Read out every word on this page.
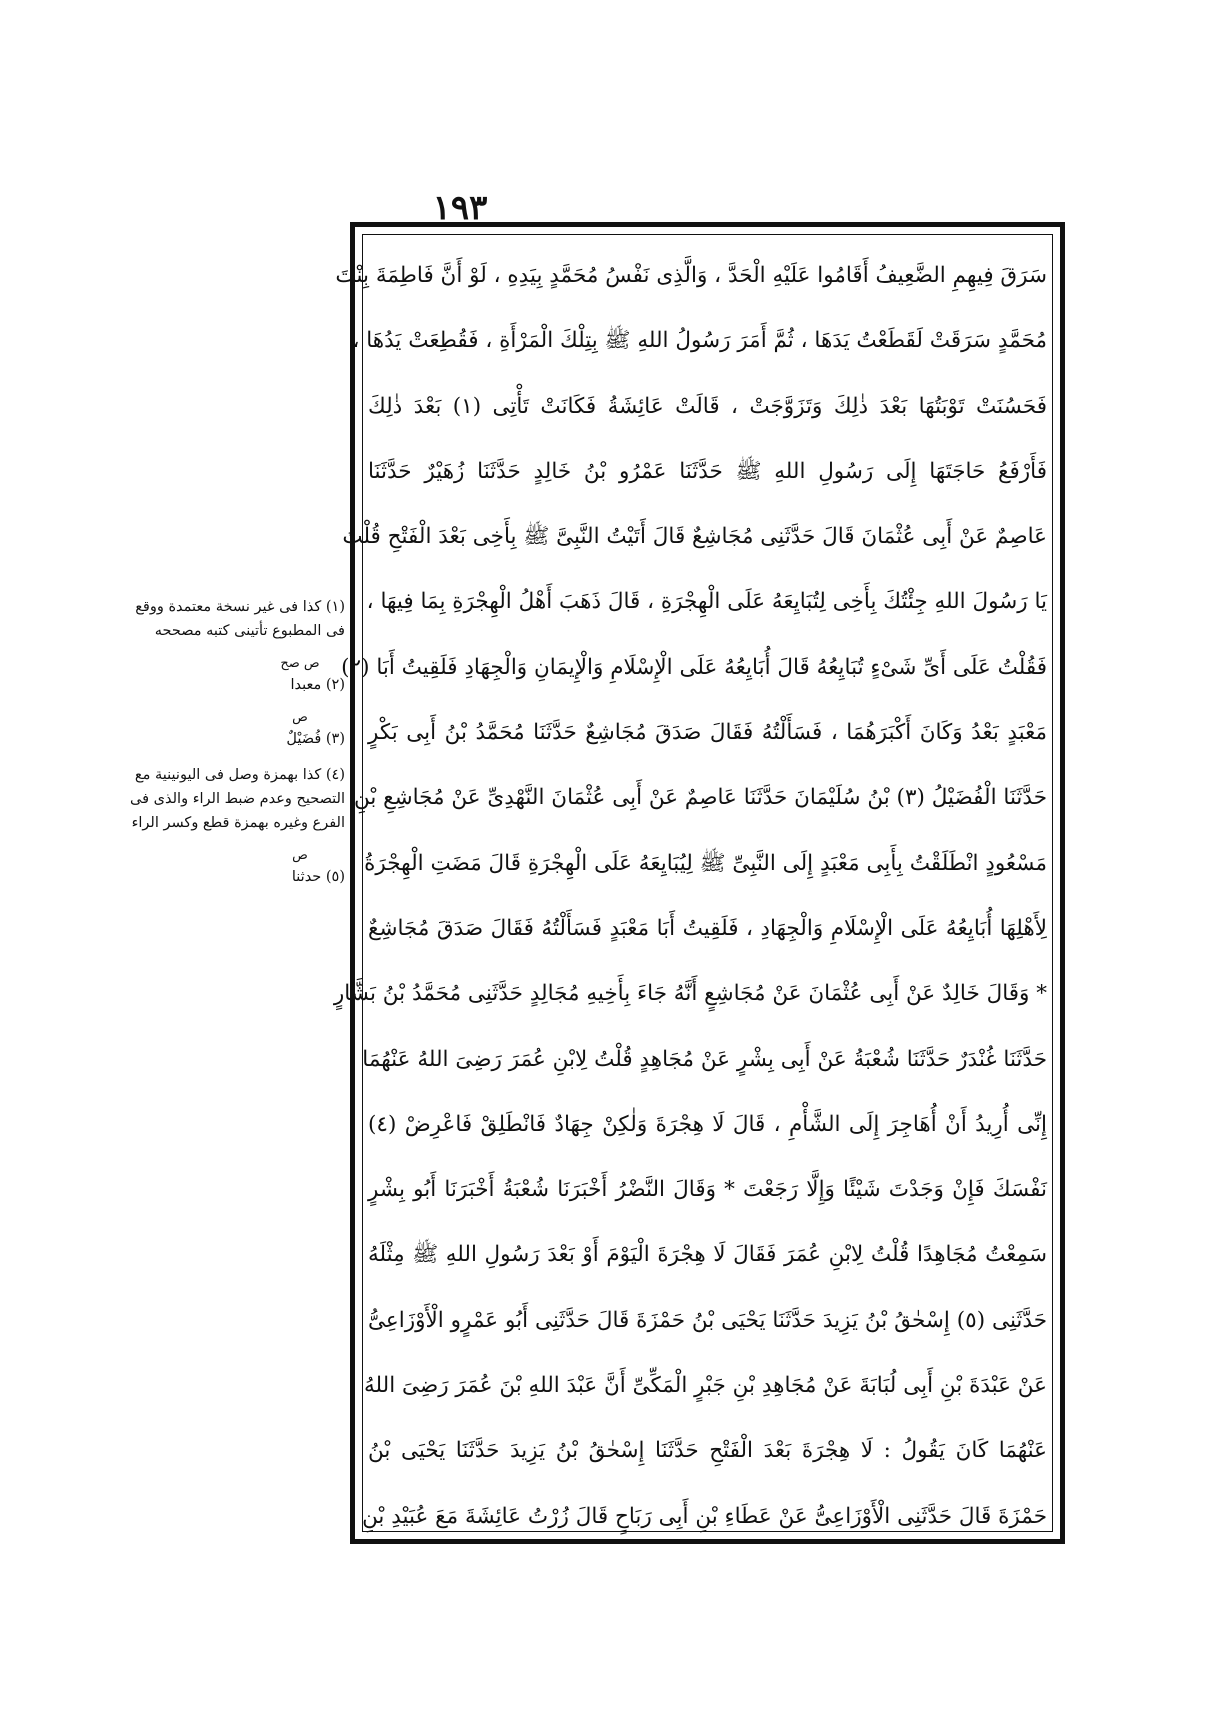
١٩٣
سَرَقَ فِيهِمِ الضَّعِيفُ أَقَامُوا عَلَيْهِ الْحَدَّ ، وَالَّذِى نَفْسُ مُحَمَّدٍ بِيَدِهِ ، لَوْ أَنَّ فَاطِمَةَ بِنْتَ
مُحَمَّدٍ سَرَقَتْ لَقَطَعْتُ يَدَهَا ، ثُمَّ أَمَرَ رَسُولُ اللهِ ﷺ بِتِلْكَ الْمَرْأَةِ ، فَقُطِعَتْ يَدُهَا ،
فَحَسُنَتْ تَوْبَتُهَا بَعْدَ ذٰلِكَ وَتَزَوَّجَتْ ، قَالَتْ عَائِشَةُ فَكَانَتْ تَأْتِى (١) بَعْدَ ذٰلِكَ
فَأَرْفَعُ حَاجَتَهَا إِلَى رَسُولِ اللهِ ﷺ حَدَّثَنَا عَمْرُو بْنُ خَالِدٍ حَدَّثَنَا زُهَيْرٌ حَدَّثَنَا
عَاصِمٌ عَنْ أَبِى عُثْمَانَ قَالَ حَدَّثَنِى مُجَاشِعٌ قَالَ أَتَيْتُ النَّبِىَّ ﷺ بِأَخِى بَعْدَ الْفَتْحِ قُلْتُ
يَا رَسُولَ اللهِ جِئْتُكَ بِأَخِى لِتُبَايِعَهُ عَلَى الْهِجْرَةِ ، قَالَ ذَهَبَ أَهْلُ الْهِجْرَةِ بِمَا فِيهَا ،
فَقُلْتُ عَلَى أَىِّ شَىْءٍ تُبَايِعُهُ قَالَ أُبَايِعُهُ عَلَى الْإِسْلَامِ وَالْإِيمَانِ وَالْجِهَادِ فَلَقِيتُ أَبَا (٢)
مَعْبَدٍ بَعْدُ وَكَانَ أَكْبَرَهُمَا ، فَسَأَلْتُهُ فَقَالَ صَدَقَ مُجَاشِعٌ حَدَّثَنَا مُحَمَّدُ بْنُ أَبِى بَكْرٍ
حَدَّثَنَا الْفُضَيْلُ (٣) بْنُ سُلَيْمَانَ حَدَّثَنَا عَاصِمٌ عَنْ أَبِى عُثْمَانَ النَّهْدِىِّ عَنْ مُجَاشِعِ بْنِ
مَسْعُودٍ انْطَلَقْتُ بِأَبِى مَعْبَدٍ إِلَى النَّبِىِّ ﷺ لِيُبَايِعَهُ عَلَى الْهِجْرَةِ قَالَ مَضَتِ الْهِجْرَةُ
لِأَهْلِهَا أُبَايِعُهُ عَلَى الْإِسْلَامِ وَالْجِهَادِ ، فَلَقِيتُ أَبَا مَعْبَدٍ فَسَأَلْتُهُ فَقَالَ صَدَقَ مُجَاشِعٌ
* وَقَالَ خَالِدٌ عَنْ أَبِى عُثْمَانَ عَنْ مُجَاشِعٍ أَنَّهُ جَاءَ بِأَخِيهِ مُجَالِدٍ حَدَّثَنِى مُحَمَّدُ بْنُ بَشَّارٍ
حَدَّثَنَا غُنْدَرٌ حَدَّثَنَا شُعْبَةُ عَنْ أَبِى بِشْرٍ عَنْ مُجَاهِدٍ قُلْتُ لِابْنِ عُمَرَ رَضِىَ اللهُ عَنْهُمَا
إِنِّى أُرِيدُ أَنْ أُهَاجِرَ إِلَى الشَّأْمِ ، قَالَ لَا هِجْرَةَ وَلٰكِنْ جِهَادٌ فَانْطَلِقْ فَاعْرِضْ (٤)
نَفْسَكَ فَإِنْ وَجَدْتَ شَيْئًا وَإِلَّا رَجَعْتَ * وَقَالَ النَّضْرُ أَخْبَرَنَا شُعْبَةُ أَخْبَرَنَا أَبُو بِشْرٍ
سَمِعْتُ مُجَاهِدًا قُلْتُ لِابْنِ عُمَرَ فَقَالَ لَا هِجْرَةَ الْيَوْمَ أَوْ بَعْدَ رَسُولِ اللهِ ﷺ مِثْلَهُ
حَدَّثَنِى (٥) إِسْحٰقُ بْنُ يَزِيدَ حَدَّثَنَا يَحْيَى بْنُ حَمْزَةَ قَالَ حَدَّثَنِى أَبُو عَمْرٍو الْأَوْزَاعِىُّ
عَنْ عَبْدَةَ بْنِ أَبِى لُبَابَةَ عَنْ مُجَاهِدِ بْنِ جَبْرٍ الْمَكِّىِّ أَنَّ عَبْدَ اللهِ بْنَ عُمَرَ رَضِىَ اللهُ
عَنْهُمَا كَانَ يَقُولُ : لَا هِجْرَةَ بَعْدَ الْفَتْحِ حَدَّثَنَا إِسْحٰقُ بْنُ يَزِيدَ حَدَّثَنَا يَحْيَى بْنُ
حَمْزَةَ قَالَ حَدَّثَنِى الْأَوْزَاعِىُّ عَنْ عَطَاءِ بْنِ أَبِى رَبَاحٍ قَالَ زُرْتُ عَائِشَةَ مَعَ عُبَيْدِ بْنِ
(١) كذا فى غير نسخة معتمدة ووقع فى المطبوع تأتينى كتبه مصححه
ص صح
(٢) معبدا
ص
(٣) فُضَيْلٌ
(٤) كذا بهمزة وصل فى اليونينية مع التصحيح وعدم ضبط الراء والذى فى الفرع وغيره بهمزة قطع وكسر الراء
ص
(٥) حدثنا
